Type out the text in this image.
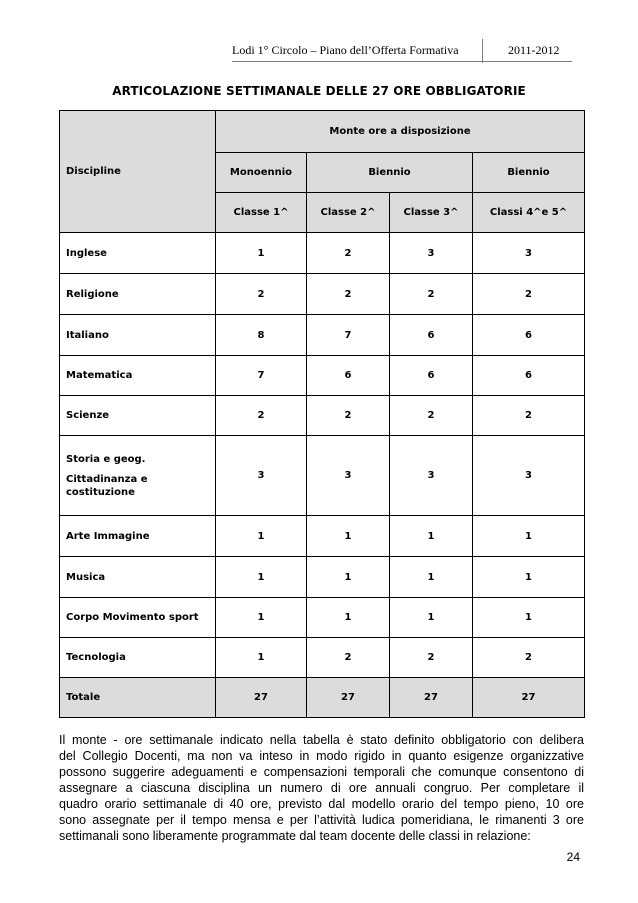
Lodi 1° Circolo – Piano dell’Offerta Formativa	2011-2012
ARTICOLAZIONE SETTIMANALE DELLE 27 ORE OBBLIGATORIE
Discipline	Monte ore a disposizione			
	Monoennio	Biennio		Biennio
	Classe 1^	Classe 2^	Classe 3^	Classi 4^e 5^
Inglese	1	2	3	3
Religione	2	2	2	2
Italiano	8	7	6	6
Matematica	7	6	6	6
Scienze	2	2	2	2

Storia e geog.
Cittadinanza e
costituzione	3	3	3	3
Arte Immagine	1	1	1	1
Musica	1	1	1	1
Corpo Movimento sport	1	1	1	1
Tecnologia	1	2	2	2
Totale	27	27	27	27
Il monte - ore settimanale indicato nella tabella è stato definito obbligatorio con delibera
del Collegio Docenti, ma non va inteso in modo rigido in quanto esigenze organizzative
possono suggerire adeguamenti e compensazioni temporali che comunque consentono di
assegnare a ciascuna disciplina un numero di ore annuali congruo. Per completare il
quadro orario settimanale di 40 ore, previsto dal modello orario del tempo pieno, 10 ore
sono assegnate per il tempo mensa e per l’attività ludica pomeridiana, le rimanenti 3 ore
settimanali sono liberamente programmate dal team docente delle classi in relazione:
24
